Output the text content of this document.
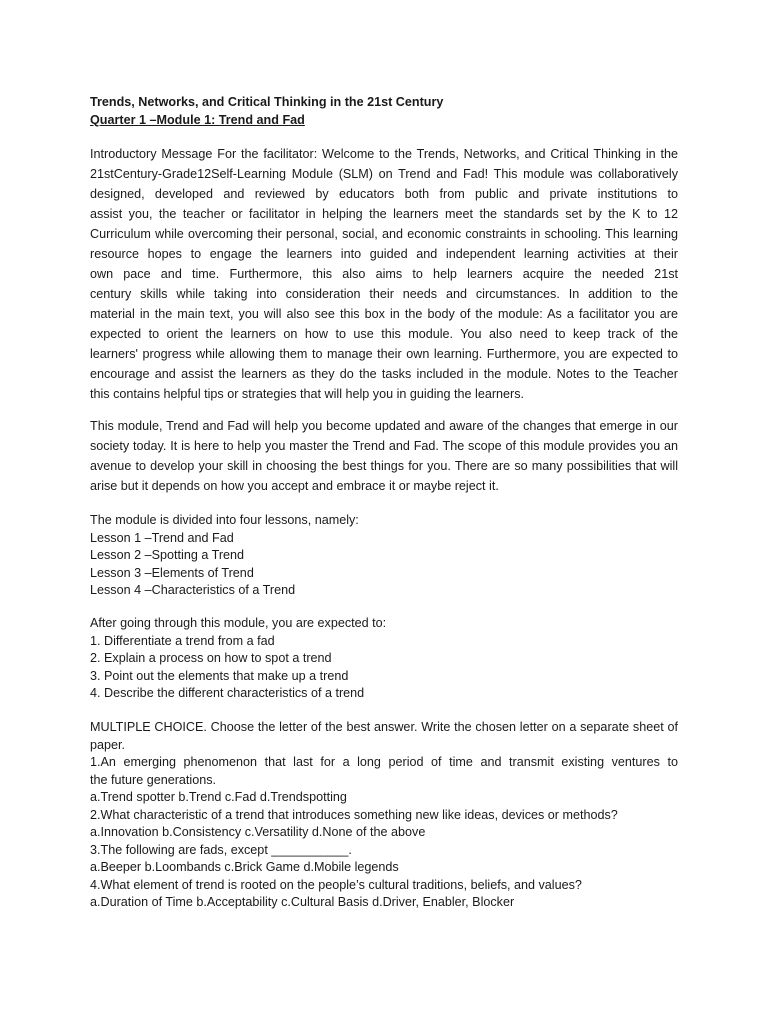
Trends, Networks, and Critical Thinking in the 21st Century
Quarter 1 –Module 1: Trend and Fad
Introductory Message For the facilitator: Welcome to the Trends, Networks, and Critical Thinking in the
21stCentury-Grade12Self-Learning Module (SLM) on Trend and Fad! This module was collaboratively
designed, developed and reviewed by educators both from public and private institutions to
assist you, the teacher or facilitator in helping the learners meet the standards set by the K to 12
Curriculum while overcoming their personal, social, and economic constraints in schooling. This learning
resource hopes to engage the learners into guided and independent learning activities at their
own pace and time. Furthermore, this also aims to help learners acquire the needed 21st
century skills while taking into consideration their needs and circumstances. In addition to the
material in the main text, you will also see this box in the body of the module: As a facilitator you are
expected to orient the learners on how to use this module. You also need to keep track of the
learners' progress while allowing them to manage their own learning. Furthermore, you are expected to
encourage and assist the learners as they do the tasks included in the module. Notes to the Teacher
this contains helpful tips or strategies that will help you in guiding the learners.
This module, Trend and Fad will help you become updated and aware of the changes that emerge in our
society today. It is here to help you master the Trend and Fad. The scope of this module provides you an
avenue to develop your skill in choosing the best things for you. There are so many possibilities that will
arise but it depends on how you accept and embrace it or maybe reject it.
The module is divided into four lessons, namely:
Lesson 1 –Trend and Fad
Lesson 2 –Spotting a Trend
Lesson 3 –Elements of Trend
Lesson 4 –Characteristics of a Trend
After going through this module, you are expected to:
1. Differentiate a trend from a fad
2. Explain a process on how to spot a trend
3. Point out the elements that make up a trend
4. Describe the different characteristics of a trend
MULTIPLE CHOICE. Choose the letter of the best answer. Write the chosen letter on a separate sheet of
paper.
1.An emerging phenomenon that last for a long period of time and transmit existing ventures to
the future generations.
a.Trend spotter b.Trend c.Fad d.Trendspotting
2.What characteristic of a trend that introduces something new like ideas, devices or methods?
a.Innovation b.Consistency c.Versatility d.None of the above
3.The following are fads, except ___________.
a.Beeper b.Loombands c.Brick Game d.Mobile legends
4.What element of trend is rooted on the people’s cultural traditions, beliefs, and values?
a.Duration of Time b.Acceptability c.Cultural Basis d.Driver, Enabler, Blocker
